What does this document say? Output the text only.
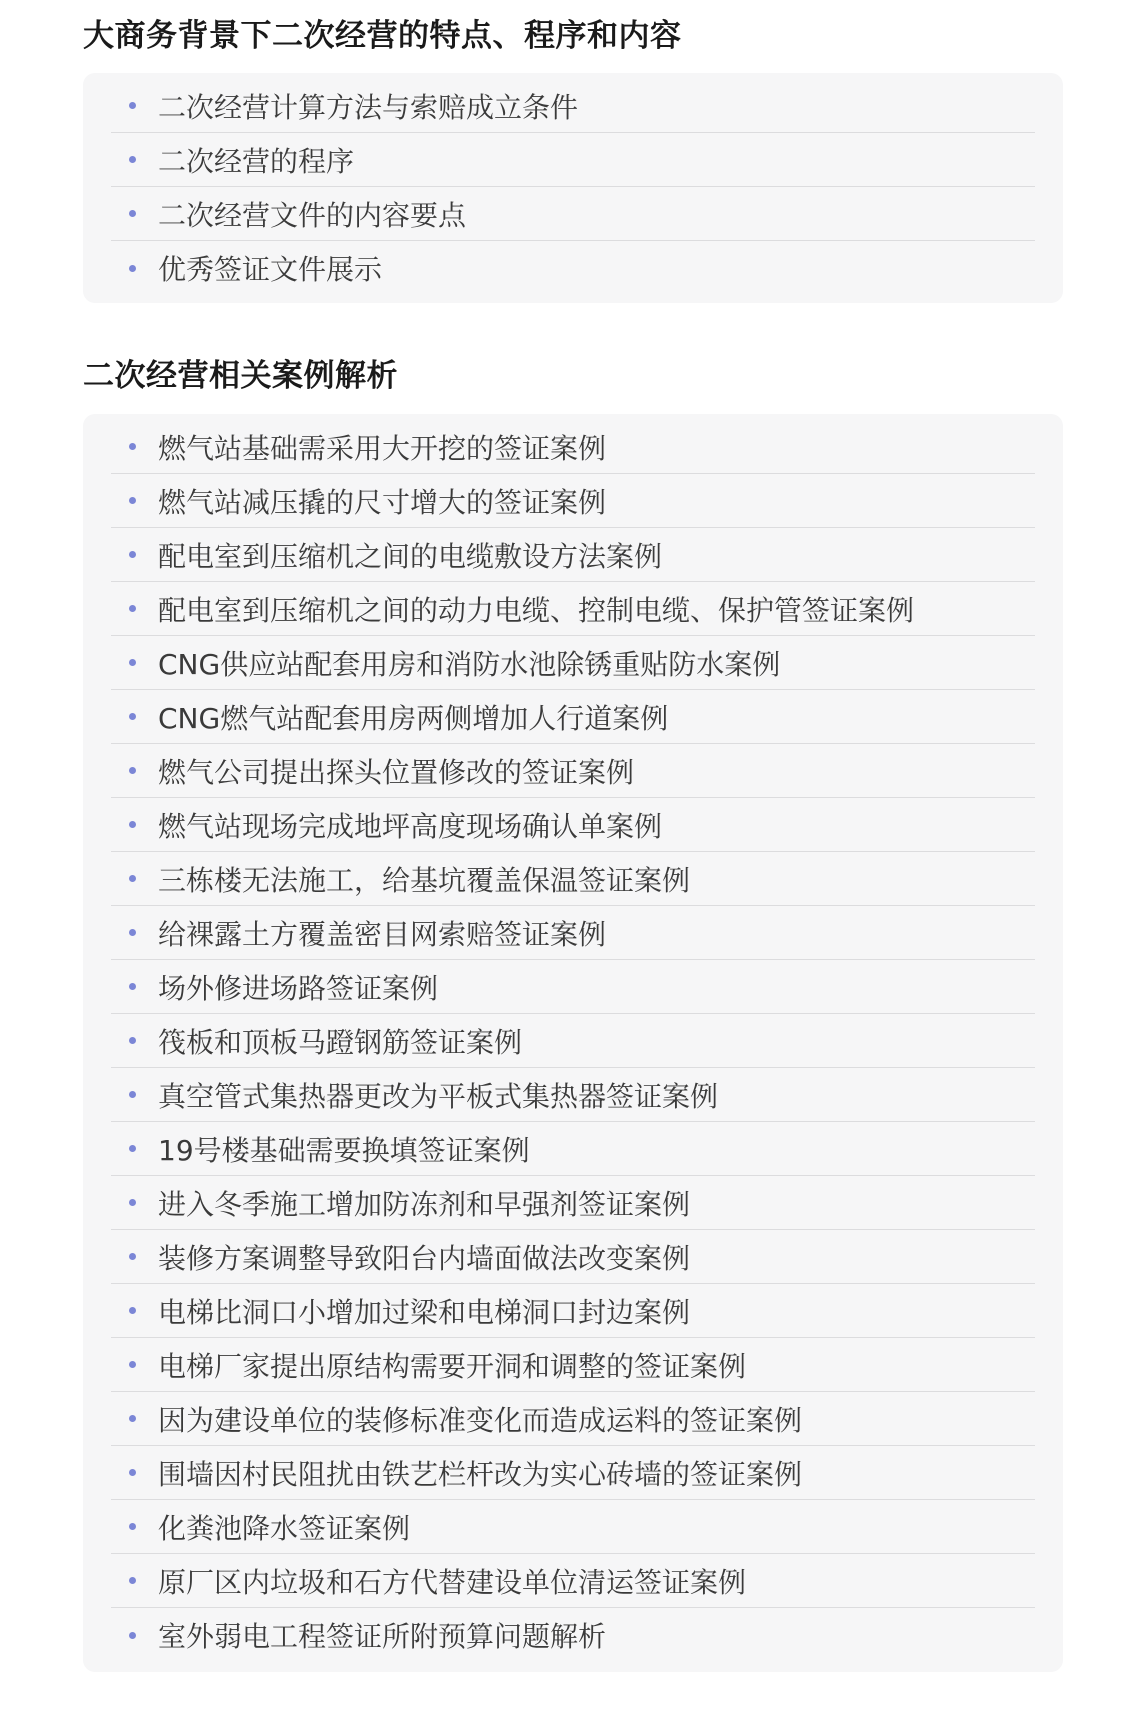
大商务背景下二次经营的特点、程序和内容
二次经营计算方法与索赔成立条件
二次经营的程序
二次经营文件的内容要点
优秀签证文件展示
二次经营相关案例解析
燃气站基础需采用大开挖的签证案例
燃气站减压撬的尺寸增大的签证案例
配电室到压缩机之间的电缆敷设方法案例
配电室到压缩机之间的动力电缆、控制电缆、保护管签证案例
CNG供应站配套用房和消防水池除锈重贴防水案例
CNG燃气站配套用房两侧增加人行道案例
燃气公司提出探头位置修改的签证案例
燃气站现场完成地坪高度现场确认单案例
三栋楼无法施工，给基坑覆盖保温签证案例
给裸露土方覆盖密目网索赔签证案例
场外修进场路签证案例
筏板和顶板马蹬钢筋签证案例
真空管式集热器更改为平板式集热器签证案例
19号楼基础需要换填签证案例
进入冬季施工增加防冻剂和早强剂签证案例
装修方案调整导致阳台内墙面做法改变案例
电梯比洞口小增加过梁和电梯洞口封边案例
电梯厂家提出原结构需要开洞和调整的签证案例
因为建设单位的装修标准变化而造成运料的签证案例
围墙因村民阻扰由铁艺栏杆改为实心砖墙的签证案例
化粪池降水签证案例
原厂区内垃圾和石方代替建设单位清运签证案例
室外弱电工程签证所附预算问题解析
